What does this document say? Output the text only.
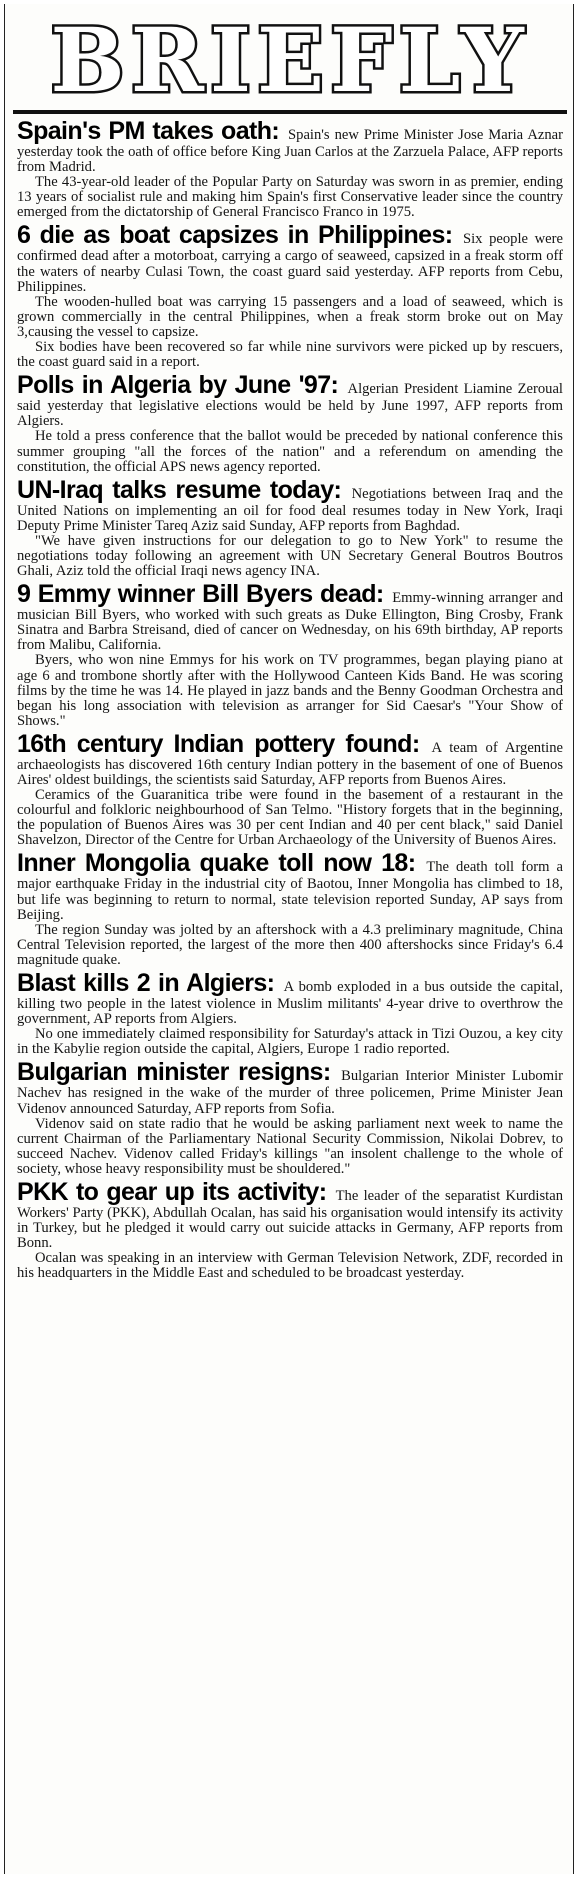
BRIEFLY

Spain's PM takes oath: Spain's new Prime Minister Jose Maria Aznar yesterday took the oath of office before King Juan Carlos at the Zarzuela Palace, AFP reports from Madrid.

The 43-year-old leader of the Popular Party on Saturday was sworn in as premier, ending 13 years of socialist rule and making him Spain's first Conservative leader since the country emerged from the dictatorship of General Francisco Franco in 1975.

6 die as boat capsizes in Philippines: Six people were confirmed dead after a motorboat, carrying a cargo of seaweed, capsized in a freak storm off the waters of nearby Culasi Town, the coast guard said yesterday. AFP reports from Cebu, Philippines.

The wooden-hulled boat was carrying 15 passengers and a load of seaweed, which is grown commercially in the central Philippines, when a freak storm broke out on May 3,causing the vessel to capsize.

Six bodies have been recovered so far while nine survivors were picked up by rescuers, the coast guard said in a report.

Polls in Algeria by June '97: Algerian President Liamine Zeroual said yesterday that legislative elections would be held by June 1997, AFP reports from Algiers.

He told a press conference that the ballot would be preceded by national conference this summer grouping "all the forces of the nation" and a referendum on amending the constitution, the official APS news agency reported.

UN-Iraq talks resume today: Negotiations between Iraq and the United Nations on implementing an oil for food deal resumes today in New York, Iraqi Deputy Prime Minister Tareq Aziz said Sunday, AFP reports from Baghdad.

"We have given instructions for our delegation to go to New York" to resume the negotiations today following an agreement with UN Secretary General Boutros Boutros Ghali, Aziz told the official Iraqi news agency INA.

9 Emmy winner Bill Byers dead: Emmy-winning arranger and musician Bill Byers, who worked with such greats as Duke Ellington, Bing Crosby, Frank Sinatra and Barbra Streisand, died of cancer on Wednesday, on his 69th birthday, AP reports from Malibu, California.

Byers, who won nine Emmys for his work on TV programmes, began playing piano at age 6 and trombone shortly after with the Hollywood Canteen Kids Band. He was scoring films by the time he was 14. He played in jazz bands and the Benny Goodman Orchestra and began his long association with television as arranger for Sid Caesar's "Your Show of Shows."

16th century Indian pottery found: A team of Argentine archaeologists has discovered 16th century Indian pottery in the basement of one of Buenos Aires' oldest buildings, the scientists said Saturday, AFP reports from Buenos Aires.

Ceramics of the Guaranitica tribe were found in the basement of a restaurant in the colourful and folkloric neighbourhood of San Telmo. "History forgets that in the beginning, the population of Buenos Aires was 30 per cent Indian and 40 per cent black," said Daniel Shavelzon, Director of the Centre for Urban Archaeology of the University of Buenos Aires.

Inner Mongolia quake toll now 18: The death toll form a major earthquake Friday in the industrial city of Baotou, Inner Mongolia has climbed to 18, but life was beginning to return to normal, state television reported Sunday, AP says from Beijing.

The region Sunday was jolted by an aftershock with a 4.3 preliminary magnitude, China Central Television reported, the largest of the more then 400 aftershocks since Friday's 6.4 magnitude quake.

Blast kills 2 in Algiers: A bomb exploded in a bus outside the capital, killing two people in the latest violence in Muslim militants' 4-year drive to overthrow the government, AP reports from Algiers.

No one immediately claimed responsibility for Saturday's attack in Tizi Ouzou, a key city in the Kabylie region outside the capital, Algiers, Europe 1 radio reported.

Bulgarian minister resigns: Bulgarian Interior Minister Lubomir Nachev has resigned in the wake of the murder of three policemen, Prime Minister Jean Videnov announced Saturday, AFP reports from Sofia.

Videnov said on state radio that he would be asking parliament next week to name the current Chairman of the Parliamentary National Security Commission, Nikolai Dobrev, to succeed Nachev. Videnov called Friday's killings "an insolent challenge to the whole of society, whose heavy responsibility must be shouldered."

PKK to gear up its activity: The leader of the separatist Kurdistan Workers' Party (PKK), Abdullah Ocalan, has said his organisation would intensify its activity in Turkey, but he pledged it would carry out suicide attacks in Germany, AFP reports from Bonn.

Ocalan was speaking in an interview with German Television Network, ZDF, recorded in his headquarters in the Middle East and scheduled to be broadcast yesterday.
